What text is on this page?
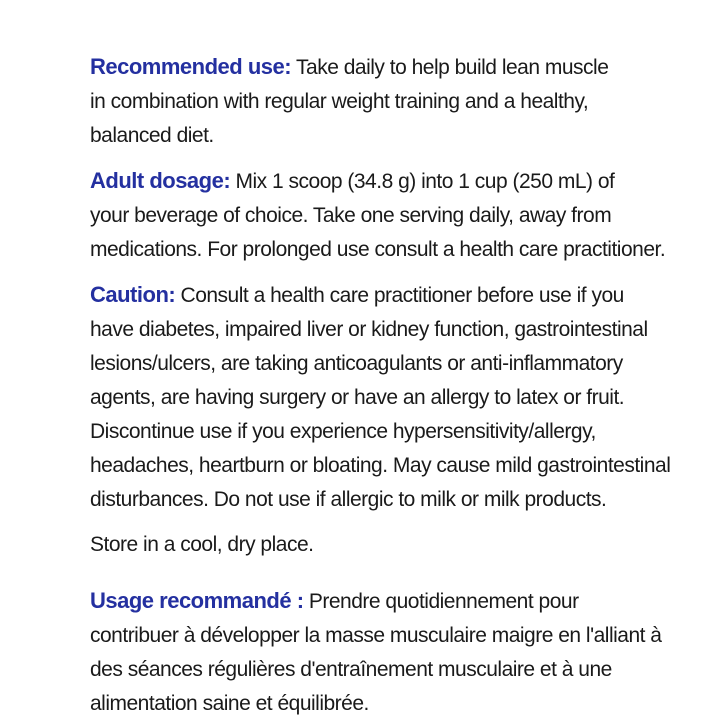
Recommended use: Take daily to help build lean muscle
in combination with regular weight training and a healthy,
balanced diet.

Adult dosage: Mix 1 scoop (34.8 g) into 1 cup (250 mL) of
your beverage of choice. Take one serving daily, away from
medications. For prolonged use consult a health care practitioner.

Caution: Consult a health care practitioner before use if you
have diabetes, impaired liver or kidney function, gastrointestinal
lesions/ulcers, are taking anticoagulants or anti-inflammatory
agents, are having surgery or have an allergy to latex or fruit.
Discontinue use if you experience hypersensitivity/allergy,
headaches, heartburn or bloating. May cause mild gastrointestinal
disturbances. Do not use if allergic to milk or milk products.

Store in a cool, dry place.

Usage recommandé : Prendre quotidiennement pour
contribuer à développer la masse musculaire maigre en l'alliant à
des séances régulières d'entraînement musculaire et à une
alimentation saine et équilibrée.
